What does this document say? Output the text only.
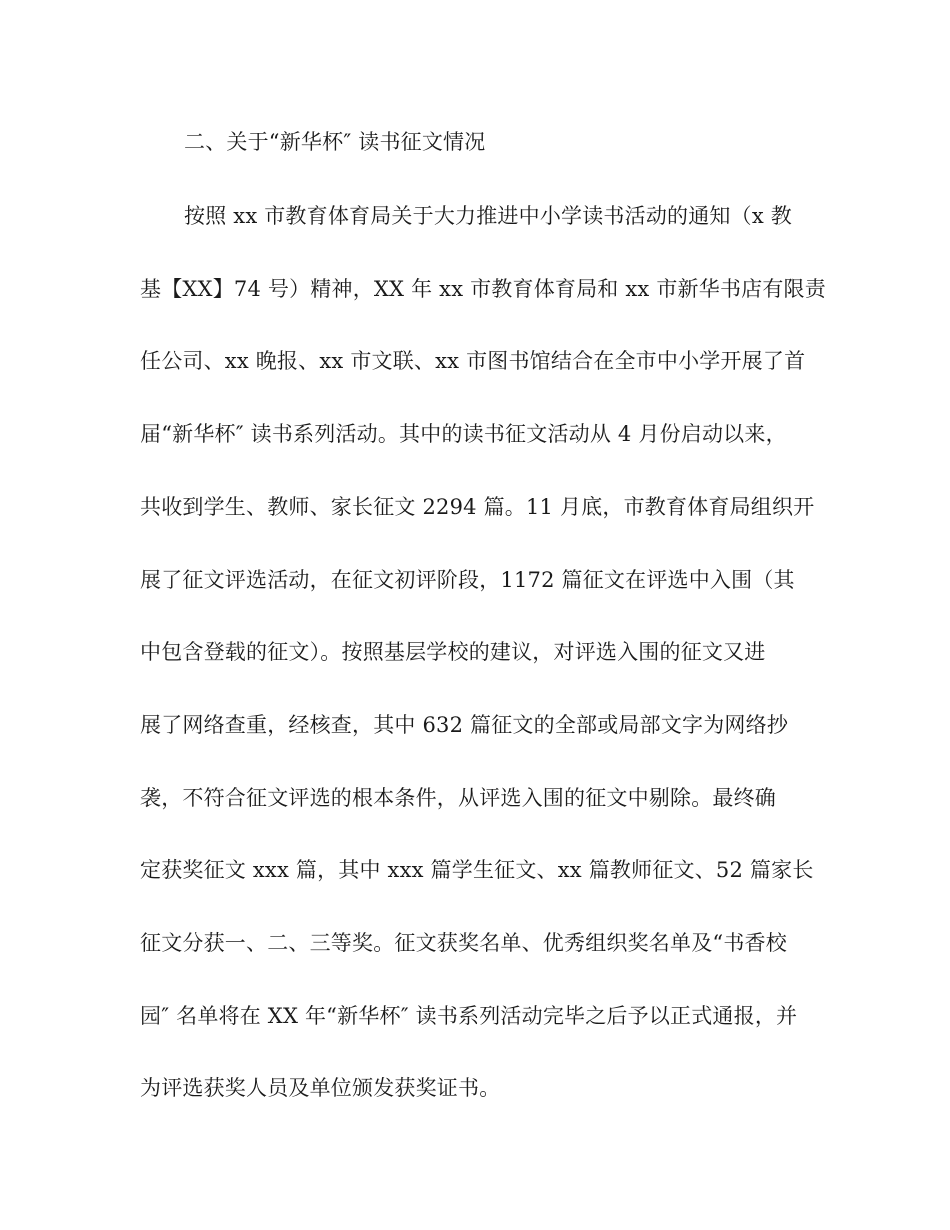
二、关于“新华杯″ 读书征文情况
按照 xx 市教育体育局关于大力推进中小学读书活动的通知（x 教
基【XX】74 号）精神，XX 年 xx 市教育体育局和 xx 市新华书店有限责
任公司、xx 晚报、xx 市文联、xx 市图书馆结合在全市中小学开展了首
届“新华杯″ 读书系列活动。其中的读书征文活动从 4 月份启动以来，
共收到学生、教师、家长征文 2294 篇。11 月底，市教育体育局组织开
展了征文评选活动，在征文初评阶段，1172 篇征文在评选中入围（其
中包含登载的征文）。按照基层学校的建议，对评选入围的征文又进
展了网络查重，经核查，其中 632 篇征文的全部或局部文字为网络抄
袭，不符合征文评选的根本条件，从评选入围的征文中剔除。最终确
定获奖征文 xxx 篇，其中 xxx 篇学生征文、xx 篇教师征文、52 篇家长
征文分获一、二、三等奖。征文获奖名单、优秀组织奖名单及“书香校
园″ 名单将在 XX 年“新华杯″ 读书系列活动完毕之后予以正式通报，并
为评选获奖人员及单位颁发获奖证书。
